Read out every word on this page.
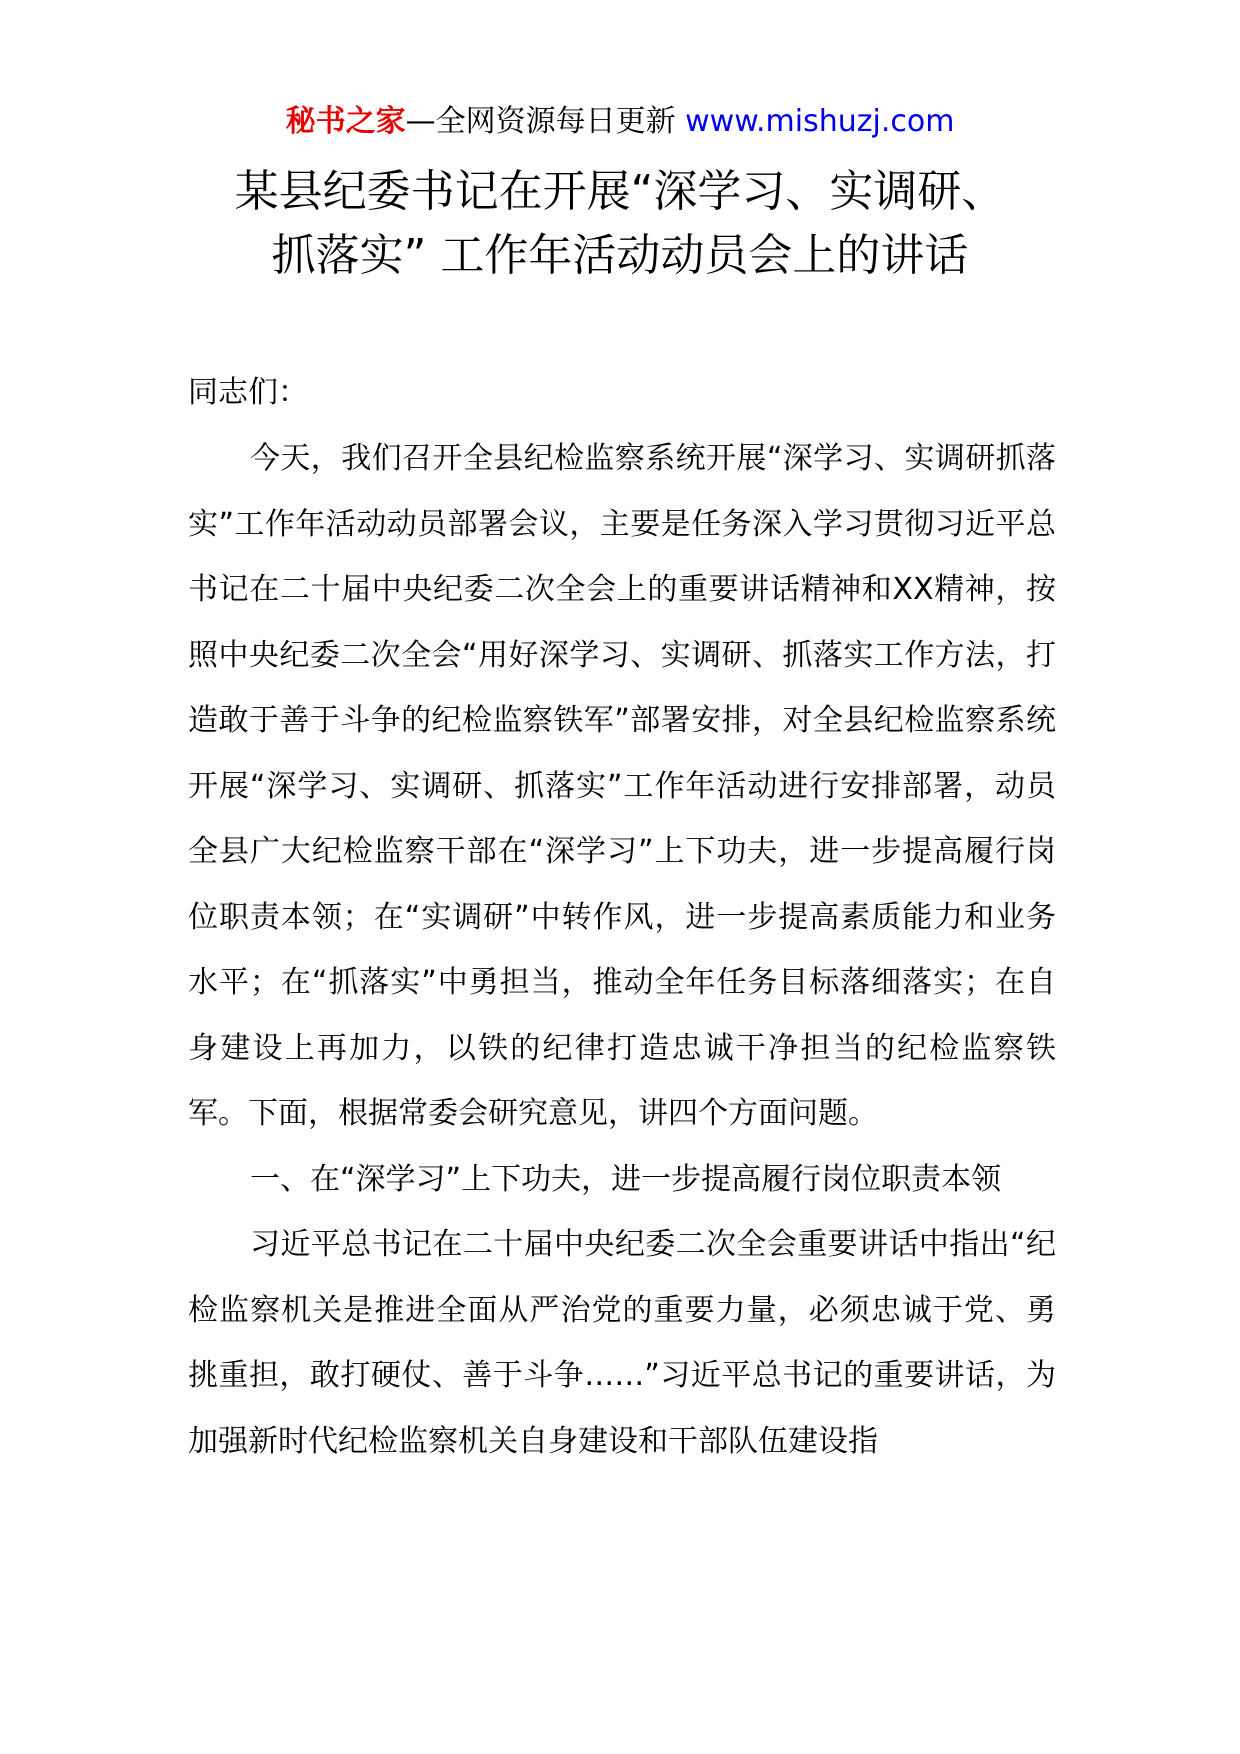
秘书之家—全网资源每日更新 www.mishuzj.com
某县纪委书记在开展“深学习、实调研、
抓落实” 工作年活动动员会上的讲话

同志们：

今天，我们召开全县纪检监察系统开展“深学习、实调研抓落实”工作年活动动员部署会议，主要是任务深入学习贯彻习近平总书记在二十届中央纪委二次全会上的重要讲话精神和XX精神，按照中央纪委二次全会“用好深学习、实调研、抓落实工作方法，打造敢于善于斗争的纪检监察铁军”部署安排，对全县纪检监察系统开展“深学习、实调研、抓落实”工作年活动进行安排部署，动员全县广大纪检监察干部在“深学习”上下功夫，进一步提高履行岗位职责本领；在“实调研”中转作风，进一步提高素质能力和业务水平；在“抓落实”中勇担当，推动全年任务目标落细落实；在自身建设上再加力，以铁的纪律打造忠诚干净担当的纪检监察铁军。下面，根据常委会研究意见，讲四个方面问题。

一、在“深学习”上下功夫，进一步提高履行岗位职责本领

习近平总书记在二十届中央纪委二次全会重要讲话中指出“纪检监察机关是推进全面从严治党的重要力量，必须忠诚于党、勇挑重担，敢打硬仗、善于斗争……”习近平总书记的重要讲话，为加强新时代纪检监察机关自身建设和干部队伍建设指
